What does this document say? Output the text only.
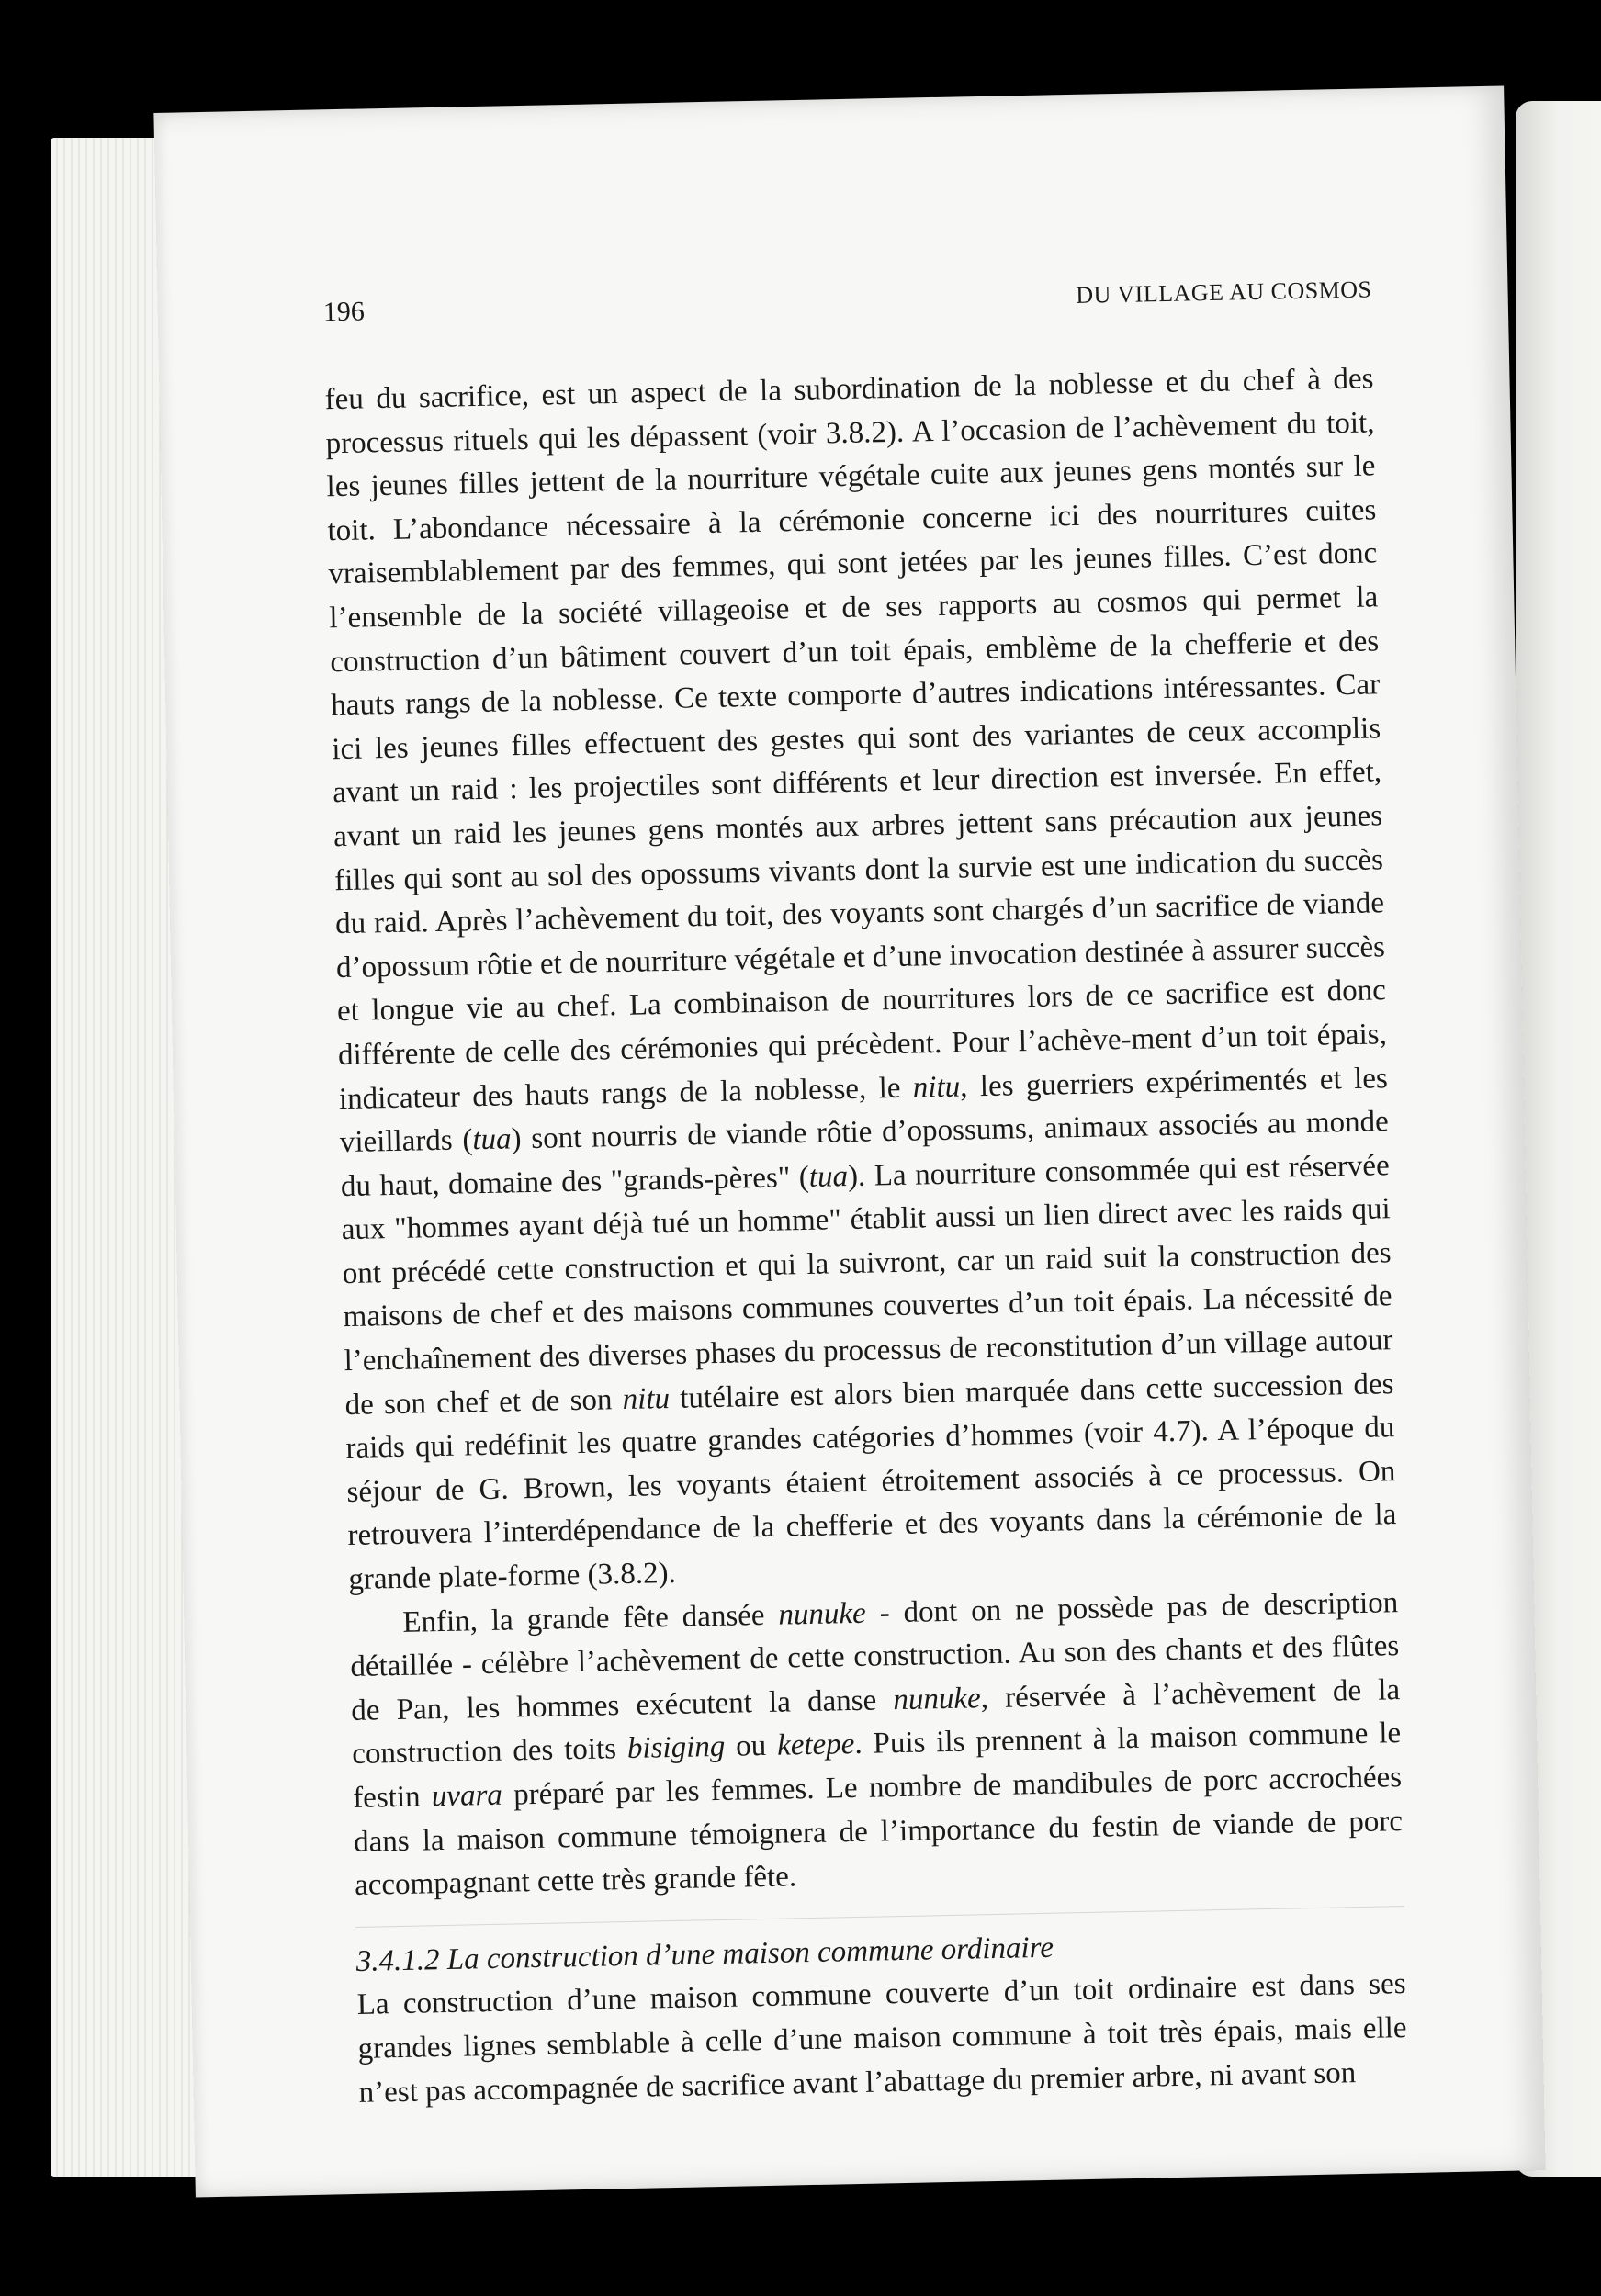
196
DU VILLAGE AU COSMOS

feu du sacrifice, est un aspect de la subordination de la noblesse et du chef à des processus rituels qui les dépassent (voir 3.8.2). A l’occasion de l’achèvement du toit, les jeunes filles jettent de la nourriture végétale cuite aux jeunes gens montés sur le toit. L’abondance nécessaire à la cérémonie concerne ici des nourritures cuites vraisemblablement par des femmes, qui sont jetées par les jeunes filles. C’est donc l’ensemble de la société villageoise et de ses rapports au cosmos qui permet la construction d’un bâtiment couvert d’un toit épais, emblème de la chefferie et des hauts rangs de la noblesse. Ce texte comporte d’autres indications intéressantes. Car ici les jeunes filles effectuent des gestes qui sont des variantes de ceux accomplis avant un raid : les projectiles sont différents et leur direction est inversée. En effet, avant un raid les jeunes gens montés aux arbres jettent sans précaution aux jeunes filles qui sont au sol des opossums vivants dont la survie est une indication du succès du raid. Après l’achèvement du toit, des voyants sont chargés d’un sacrifice de viande d’opossum rôtie et de nourriture végétale et d’une invocation destinée à assurer succès et longue vie au chef. La combinaison de nourritures lors de ce sacrifice est donc différente de celle des cérémonies qui précèdent. Pour l’achève-ment d’un toit épais, indicateur des hauts rangs de la noblesse, le nitu, les guerriers expérimentés et les vieillards (tua) sont nourris de viande rôtie d’opossums, animaux associés au monde du haut, domaine des "grands-pères" (tua). La nourriture consommée qui est réservée aux "hommes ayant déjà tué un homme" établit aussi un lien direct avec les raids qui ont précédé cette construction et qui la suivront, car un raid suit la construction des maisons de chef et des maisons communes couvertes d’un toit épais. La nécessité de l’enchaînement des diverses phases du processus de reconstitution d’un village autour de son chef et de son nitu tutélaire est alors bien marquée dans cette succession des raids qui redéfinit les quatre grandes catégories d’hommes (voir 4.7). A l’époque du séjour de G. Brown, les voyants étaient étroitement associés à ce processus. On retrouvera l’interdépendance de la chefferie et des voyants dans la cérémonie de la grande plate-forme (3.8.2).

Enfin, la grande fête dansée nunuke - dont on ne possède pas de description détaillée - célèbre l’achèvement de cette construction. Au son des chants et des flûtes de Pan, les hommes exécutent la danse nunuke, réservée à l’achèvement de la construction des toits bisiging ou ketepe. Puis ils prennent à la maison commune le festin uvara préparé par les femmes. Le nombre de mandibules de porc accrochées dans la maison commune témoignera de l’importance du festin de viande de porc accompagnant cette très grande fête.

3.4.1.2 La construction d’une maison commune ordinaire

La construction d’une maison commune couverte d’un toit ordinaire est dans ses grandes lignes semblable à celle d’une maison commune à toit très épais, mais elle n’est pas accompagnée de sacrifice avant l’abattage du premier arbre, ni avant son
